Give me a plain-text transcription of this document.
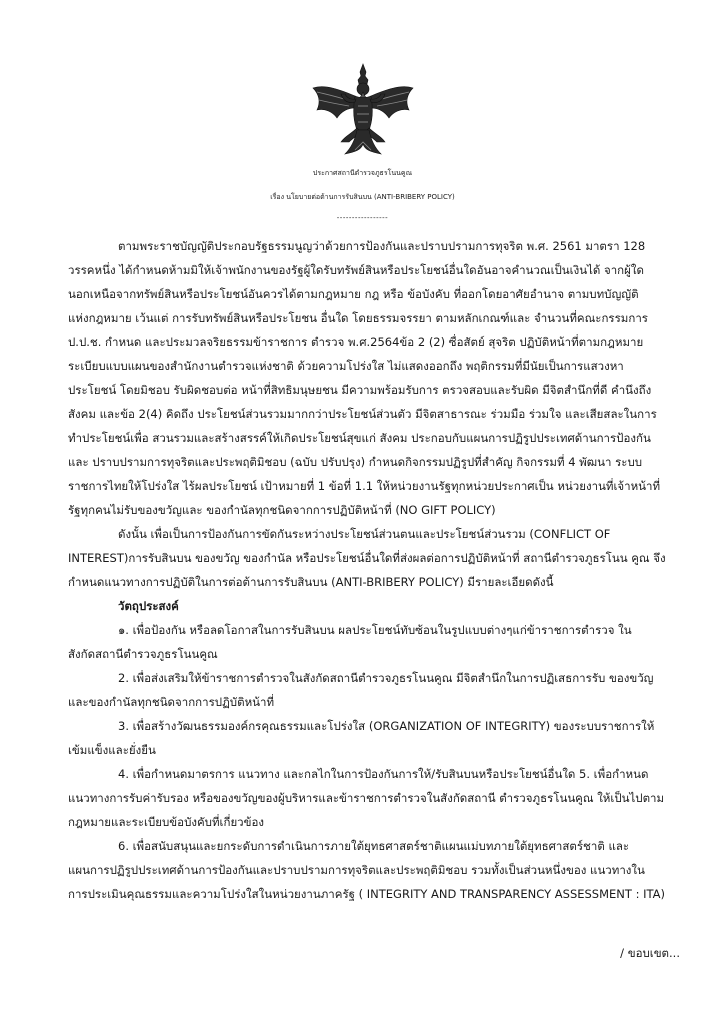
ประกาศสถานีตำรวจภูธรโนนคูณ
เรื่อง นโยบายต่อต้านการรับสินบน (ANTI-BRIBERY POLICY)
-----------------
ตามพระราชบัญญัติประกอบรัฐธรรมนูญว่าด้วยการป้องกันและปราบปรามการทุจริต พ.ศ. 2561 มาตรา 128
วรรคหนึ่ง ได้กำหนดห้ามมิให้เจ้าพนักงานของรัฐผู้ใดรับทรัพย์สินหรือประโยชน์อื่นใดอันอาจคำนวณเป็นเงินได้ จากผู้ใด
นอกเหนือจากทรัพย์สินหรือประโยชน์อันควรได้ตามกฎหมาย กฎ หรือ ข้อบังคับ ที่ออกโดยอาศัยอำนาจ ตามบทบัญญัติ
แห่งกฎหมาย เว้นแต่ การรับทรัพย์สินหรือประโยชน อื่นใด โดยธรรมจรรยา ตามหลักเกณฑ์และ จำนวนที่คณะกรรมการ
ป.ป.ช. กำหนด และประมวลจริยธรรมข้าราชการ ตำรวจ พ.ศ.2564ข้อ 2 (2) ซื่อสัตย์ สุจริต ปฏิบัติหน้าที่ตามกฎหมาย
ระเบียบแบบแผนของสำนักงานตำรวจแห่งชาติ ด้วยความโปร่งใส ไม่แสดงออกถึง พฤติกรรมที่มีนัยเป็นการแสวงหา
ประโยชน์ โดยมิชอบ รับผิดชอบต่อ หน้าที่สิทธิมนุษยชน มีความพร้อมรับการ ตรวจสอบและรับผิด มีจิตสำนึกที่ดี คำนึงถึง
สังคม และข้อ 2(4) คิดถึง ประโยชน์ส่วนรวมมากกว่าประโยชน์ส่วนตัว มีจิตสาธารณะ ร่วมมือ ร่วมใจ และเสียสละในการ
ทำประโยชน์เพื่อ สวนรวมและสร้างสรรค์ให้เกิดประโยชน์สุขแก่ สังคม ประกอบกับแผนการปฏิรูปประเทศด้านการป้องกัน
และ ปราบปรามการทุจริตและประพฤติมิชอบ (ฉบับ ปรับปรุง) กำหนดกิจกรรมปฏิรูปที่สำคัญ กิจกรรมที่ 4 พัฒนา ระบบ
ราชการไทยให้โปร่งใส ไร้ผลประโยชน์ เป้าหมายที่ 1 ข้อที่ 1.1 ให้หน่วยงานรัฐทุกหน่วยประกาศเป็น หน่วยงานที่เจ้าหน้าที่
รัฐทุกคนไม่รับของขวัญและ ของกำนัลทุกชนิดจากการปฏิบัติหน้าที่ (NO GIFT POLICY)
ดังนั้น เพื่อเป็นการป้องกันการขัดกันระหว่างประโยชน์ส่วนตนและประโยชน์ส่วนรวม (CONFLICT OF
INTEREST)การรับสินบน ของขวัญ ของกำนัล หรือประโยชน์อื่นใดที่ส่งผลต่อการปฏิบัติหน้าที่ สถานีตำรวจภูธรโนน คูณ จึง
กำหนดแนวทางการปฏิบัติในการต่อต้านการรับสินบน (ANTI-BRIBERY POLICY) มีรายละเอียดดังนี้
วัตถุประสงค์
๑. เพื่อป้องกัน หรือลดโอกาสในการรับสินบน ผลประโยชน์ทับซ้อนในรูปแบบต่างๆแก่ข้าราชการตำรวจ ใน
สังกัดสถานีตำรวจภูธรโนนคูณ
2. เพื่อส่งเสริมให้ข้าราชการตำรวจในสังกัดสถานีตำรวจภูธรโนนคูณ มีจิตสำนึกในการปฏิเสธการรับ ของขวัญ
และของกำนัลทุกชนิดจากการปฏิบัติหน้าที่
3. เพื่อสร้างวัฒนธรรมองค์กรคุณธรรมและโปร่งใส (ORGANIZATION OF INTEGRITY) ของระบบราชการให้
เข้มแข็งและยั่งยืน
4. เพื่อกำหนดมาตรการ แนวทาง และกลไกในการป้องกันการให้/รับสินบนหรือประโยชน์อื่นใด 5. เพื่อกำหนด
แนวทางการรับค่ารับรอง หรือของขวัญของผู้บริหารและข้าราชการตำรวจในสังกัดสถานี ตำรวจภูธรโนนคูณ ให้เป็นไปตาม
กฎหมายและระเบียบข้อบังคับที่เกี่ยวข้อง
6. เพื่อสนับสนุนและยกระดับการดำเนินการภายใต้ยุทธศาสตร์ชาติแผนแม่บทภายใต้ยุทธศาสตร์ชาติ และ
แผนการปฏิรูปประเทศด้านการป้องกันและปราบปรามการทุจริตและประพฤติมิชอบ รวมทั้งเป็นส่วนหนึ่งของ แนวทางใน
การประเมินคุณธรรมและความโปร่งใสในหน่วยงานภาครัฐ ( INTEGRITY AND TRANSPARENCY ASSESSMENT : ITA)
/ ขอบเขต...
